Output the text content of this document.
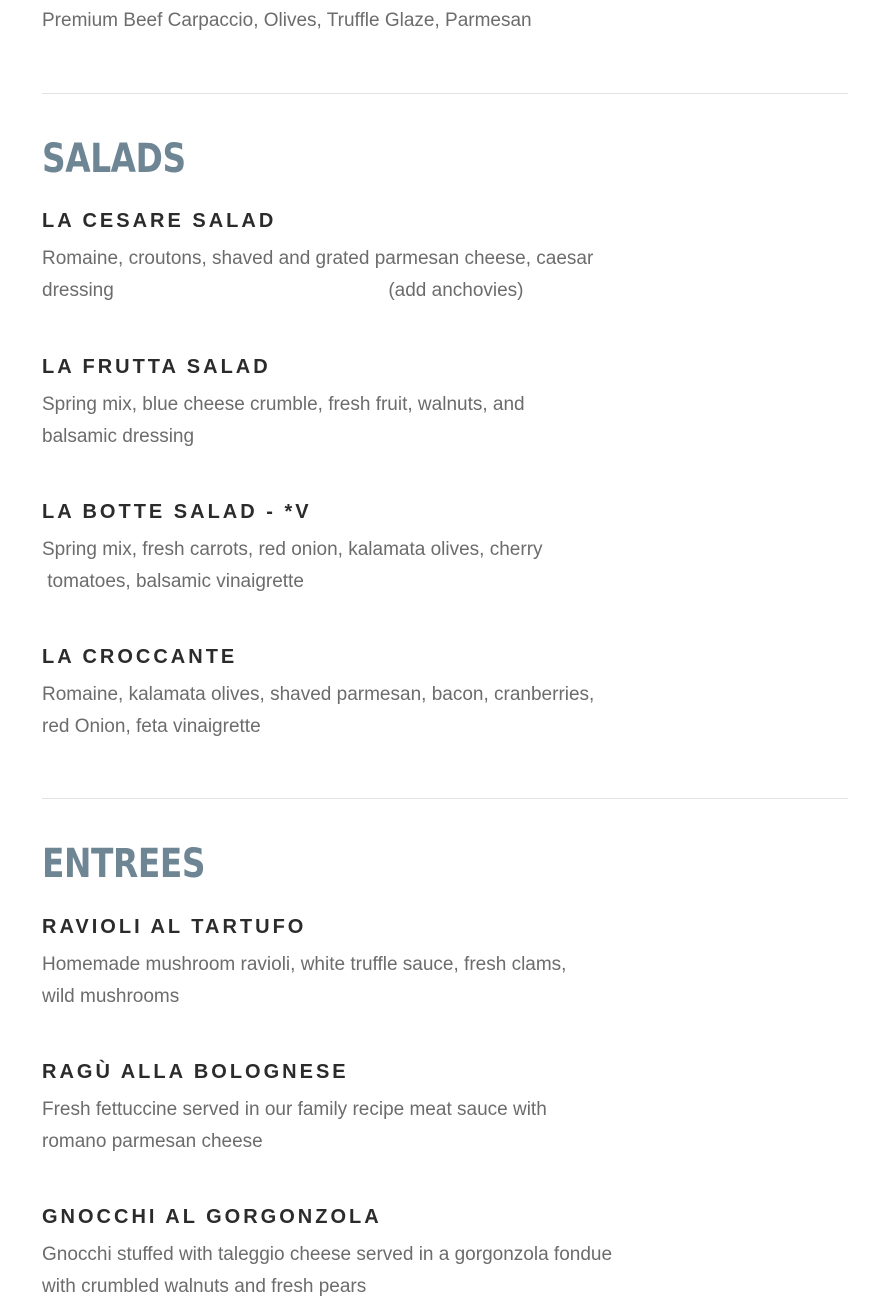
Premium Beef Carpaccio, Olives, Truffle Glaze, Parmesan

SALADS
LA CESARE SALAD

Romaine, croutons, shaved and grated parmesan cheese, caesar
dressing                                                    (add anchovies)

LA FRUTTA SALAD

Spring mix, blue cheese crumble, fresh fruit, walnuts, and
balsamic dressing

LA BOTTE SALAD - *V

Spring mix, fresh carrots, red onion, kalamata olives, cherry
tomatoes, balsamic vinaigrette

LA CROCCANTE

Romaine, kalamata olives, shaved parmesan, bacon, cranberries,
red Onion, feta vinaigrette

ENTREES
RAVIOLI AL TARTUFO

Homemade mushroom ravioli, white truffle sauce, fresh clams,
wild mushrooms

RAGÙ ALLA BOLOGNESE

Fresh fettuccine served in our family recipe meat sauce with
romano parmesan cheese

GNOCCHI AL GORGONZOLA

Gnocchi stuffed with taleggio cheese served in a gorgonzola fondue
with crumbled walnuts and fresh pears
